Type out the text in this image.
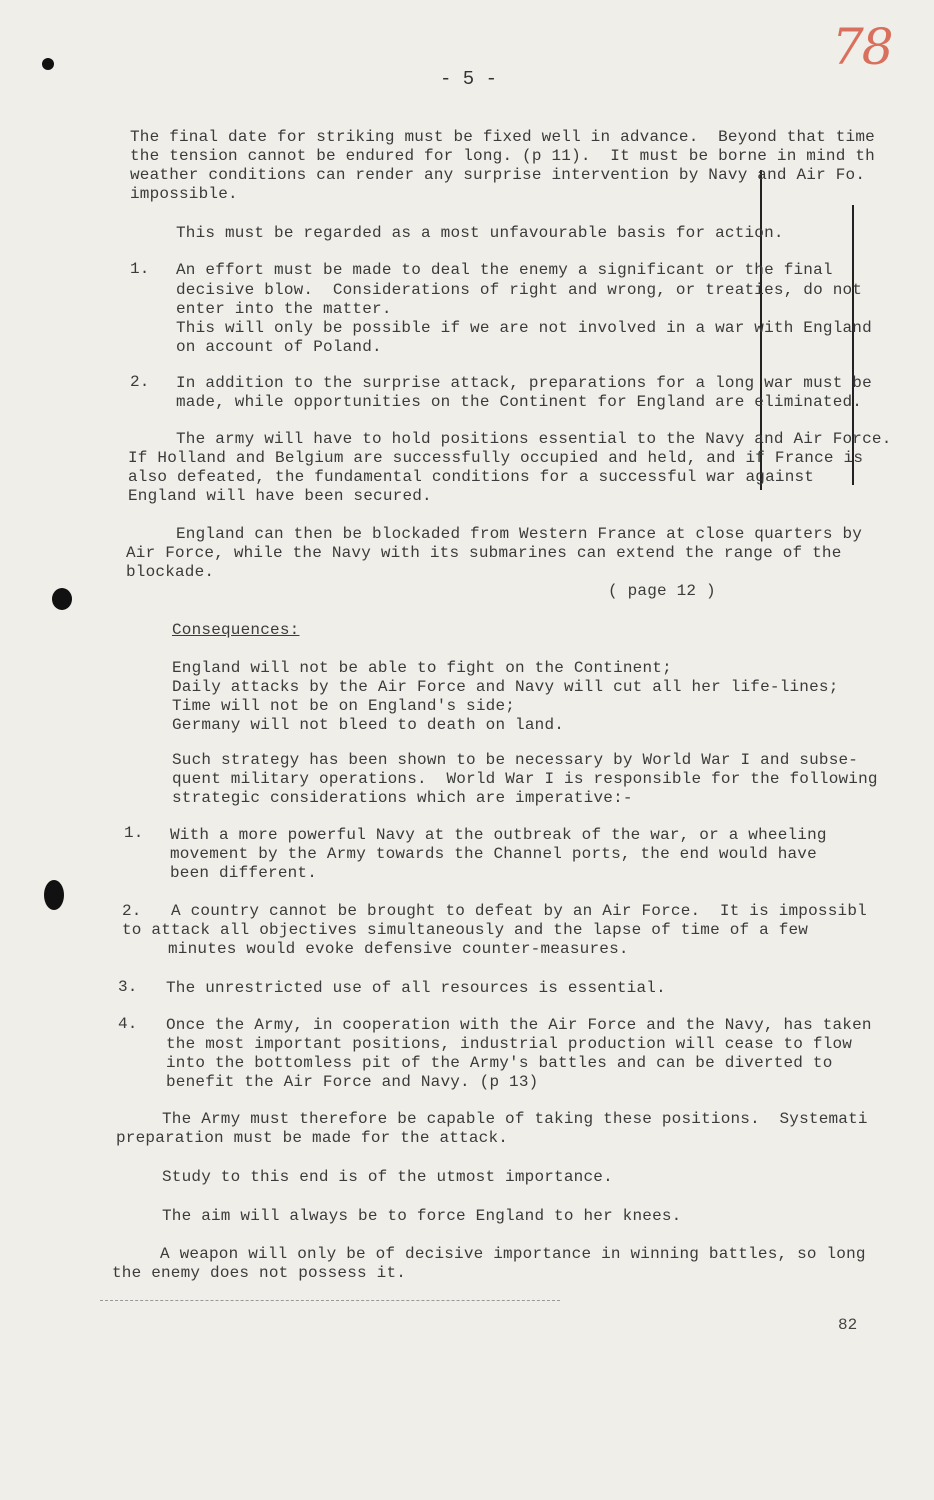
78
- 5 -
The final date for striking must be fixed well in advance.  Beyond that time
the tension cannot be endured for long. (p 11).  It must be borne in mind th
weather conditions can render any surprise intervention by Navy and Air Fo.
impossible.
This must be regarded as a most unfavourable basis for action.
1. An effort must be made to deal the enemy a significant or the final
decisive blow.  Considerations of right and wrong, or treaties, do not
enter into the matter.
This will only be possible if we are not involved in a war with England
on account of Poland.
2. In addition to the surprise attack, preparations for a long war must be
made, while opportunities on the Continent for England are eliminated.
The army will have to hold positions essential to the Navy and Air Force.
If Holland and Belgium are successfully occupied and held, and if France is
also defeated, the fundamental conditions for a successful war against
England will have been secured.
England can then be blockaded from Western France at close quarters by
Air Force, while the Navy with its submarines can extend the range of the
blockade.
( page 12 )
Consequences:
England will not be able to fight on the Continent;
Daily attacks by the Air Force and Navy will cut all her life-lines;
Time will not be on England's side;
Germany will not bleed to death on land.
Such strategy has been shown to be necessary by World War I and subse-
quent military operations.  World War I is responsible for the following
strategic considerations which are imperative:-
1. With a more powerful Navy at the outbreak of the war, or a wheeling
movement by the Army towards the Channel ports, the end would have
been different.
2.   A country cannot be brought to defeat by an Air Force.  It is impossibl
to attack all objectives simultaneously and the lapse of time of a few
minutes would evoke defensive counter-measures.
3. The unrestricted use of all resources is essential.
4. Once the Army, in cooperation with the Air Force and the Navy, has taken
the most important positions, industrial production will cease to flow
into the bottomless pit of the Army's battles and can be diverted to
benefit the Air Force and Navy. (p 13)
The Army must therefore be capable of taking these positions.  Systemati
preparation must be made for the attack.
Study to this end is of the utmost importance.
The aim will always be to force England to her knees.
A weapon will only be of decisive importance in winning battles, so long
the enemy does not possess it.
82
